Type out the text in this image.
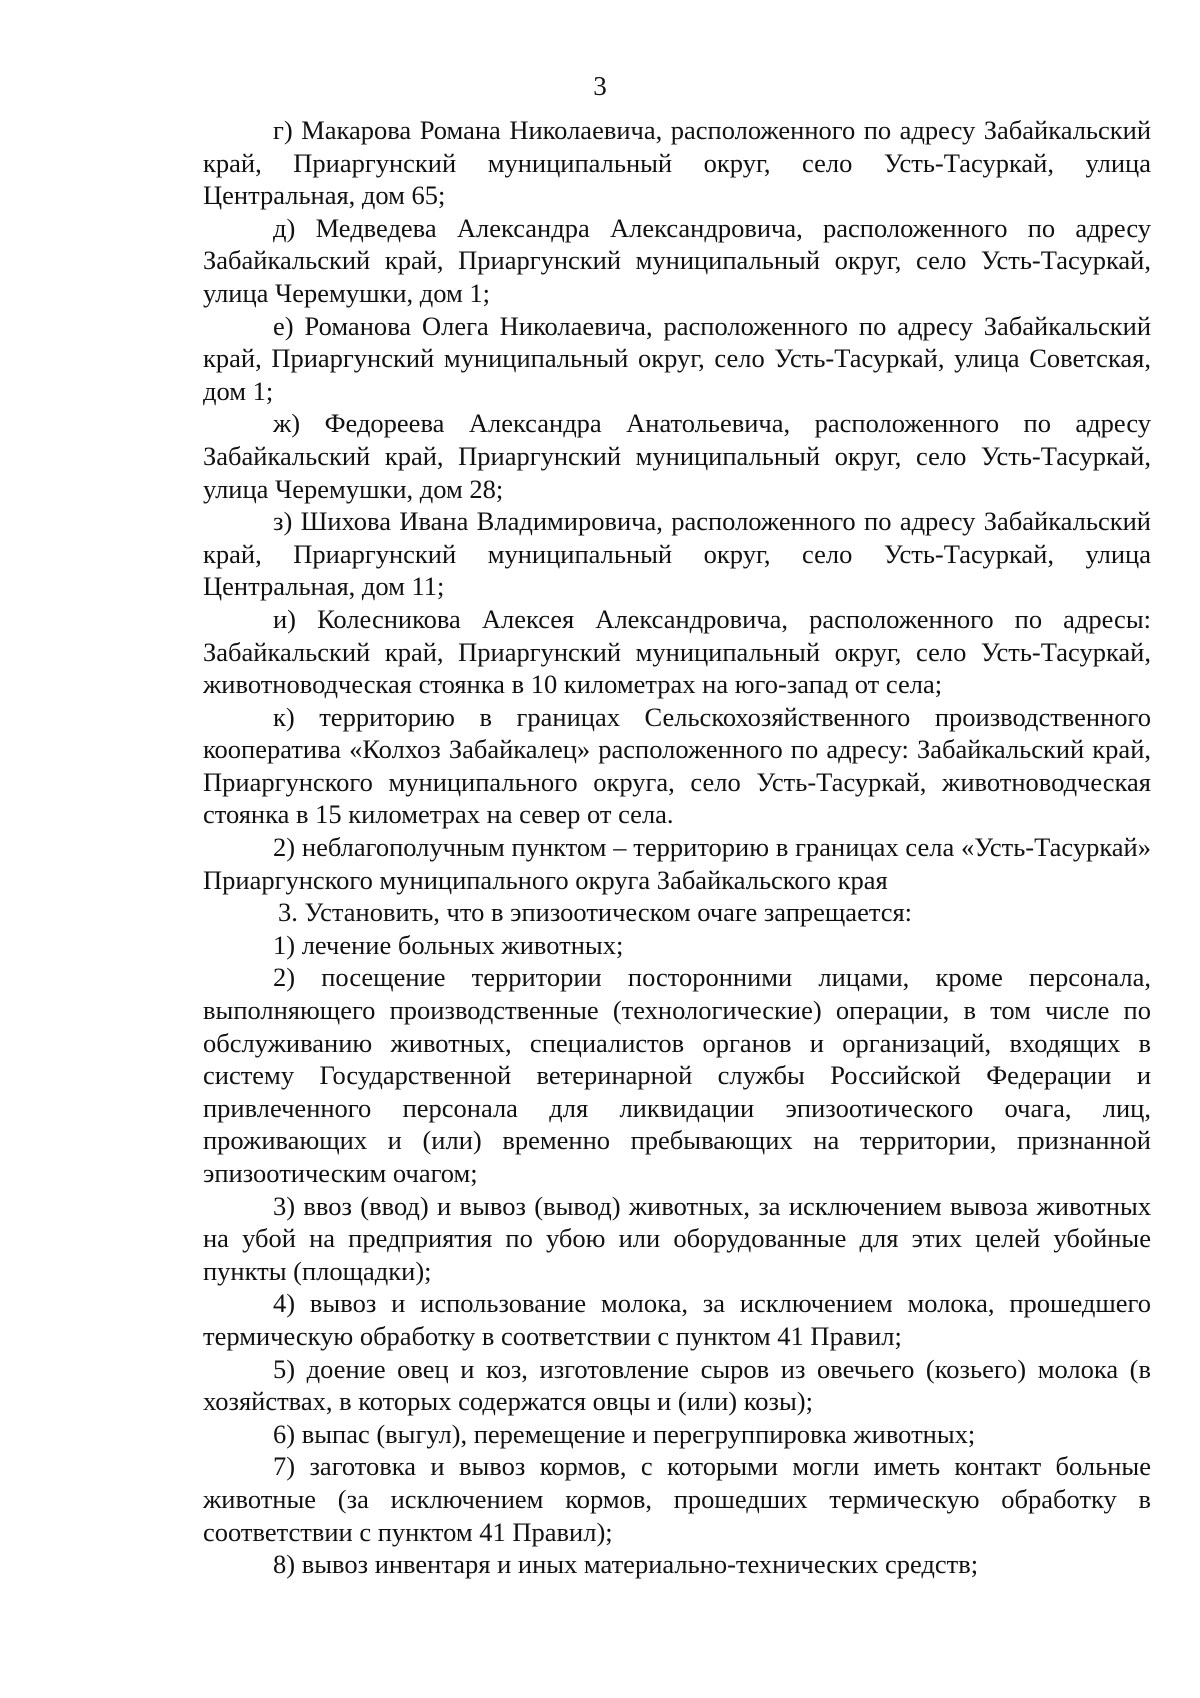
3

г) Макарова Романа Николаевича, расположенного по адресу Забайкальский край, Приаргунский муниципальный округ, село Усть-Тасуркай, улица Центральная, дом 65;

д) Медведева Александра Александровича, расположенного по адресу Забайкальский край, Приаргунский муниципальный округ, село Усть-Тасуркай, улица Черемушки, дом 1;

е) Романова Олега Николаевича, расположенного по адресу Забайкальский край, Приаргунский муниципальный округ, село Усть-Тасуркай, улица Советская, дом 1;

ж) Федореева Александра Анатольевича, расположенного по адресу Забайкальский край, Приаргунский муниципальный округ, село Усть-Тасуркай, улица Черемушки, дом 28;

з) Шихова Ивана Владимировича, расположенного по адресу Забайкальский край, Приаргунский муниципальный округ, село Усть-Тасуркай, улица Центральная, дом 11;

и) Колесникова Алексея Александровича, расположенного по адресы: Забайкальский край, Приаргунский муниципальный округ, село Усть-Тасуркай, животноводческая стоянка в 10 километрах на юго-запад от села;

к) территорию в границах Сельскохозяйственного производственного кооператива «Колхоз Забайкалец» расположенного по адресу: Забайкальский край, Приаргунского муниципального округа, село Усть-Тасуркай, животноводческая стоянка в 15 километрах на север от села.

2) неблагополучным пунктом – территорию в границах села «Усть-Тасуркай» Приаргунского муниципального округа Забайкальского края

3. Установить, что в эпизоотическом очаге запрещается:

1) лечение больных животных;

2) посещение территории посторонними лицами, кроме персонала, выполняющего производственные (технологические) операции, в том числе по обслуживанию животных, специалистов органов и организаций, входящих в систему Государственной ветеринарной службы Российской Федерации и привлеченного персонала для ликвидации эпизоотического очага, лиц, проживающих и (или) временно пребывающих на территории, признанной эпизоотическим очагом;

3) ввоз (ввод) и вывоз (вывод) животных, за исключением вывоза животных на убой на предприятия по убою или оборудованные для этих целей убойные пункты (площадки);

4) вывоз и использование молока, за исключением молока, прошедшего термическую обработку в соответствии с пунктом 41 Правил;

5) доение овец и коз, изготовление сыров из овечьего (козьего) молока (в хозяйствах, в которых содержатся овцы и (или) козы);

6) выпас (выгул), перемещение и перегруппировка животных;

7) заготовка и вывоз кормов, с которыми могли иметь контакт больные животные (за исключением кормов, прошедших термическую обработку в соответствии с пунктом 41 Правил);

8) вывоз инвентаря и иных материально-технических средств;
